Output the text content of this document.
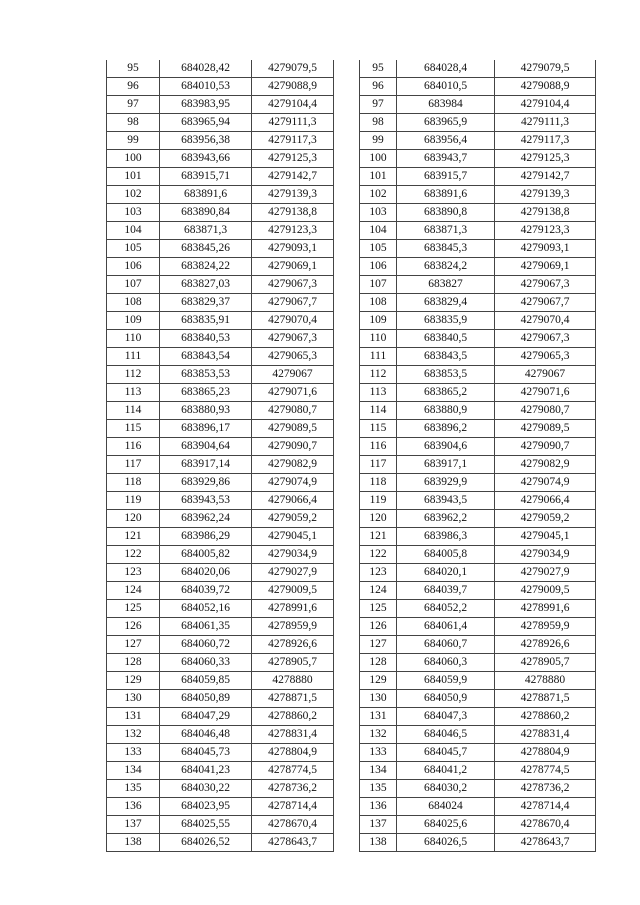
95	684028,42	4279079,5
96	684010,53	4279088,9
97	683983,95	4279104,4
98	683965,94	4279111,3
99	683956,38	4279117,3
100	683943,66	4279125,3
101	683915,71	4279142,7
102	683891,6	4279139,3
103	683890,84	4279138,8
104	683871,3	4279123,3
105	683845,26	4279093,1
106	683824,22	4279069,1
107	683827,03	4279067,3
108	683829,37	4279067,7
109	683835,91	4279070,4
110	683840,53	4279067,3
111	683843,54	4279065,3
112	683853,53	4279067
113	683865,23	4279071,6
114	683880,93	4279080,7
115	683896,17	4279089,5
116	683904,64	4279090,7
117	683917,14	4279082,9
118	683929,86	4279074,9
119	683943,53	4279066,4
120	683962,24	4279059,2
121	683986,29	4279045,1
122	684005,82	4279034,9
123	684020,06	4279027,9
124	684039,72	4279009,5
125	684052,16	4278991,6
126	684061,35	4278959,9
127	684060,72	4278926,6
128	684060,33	4278905,7
129	684059,85	4278880
130	684050,89	4278871,5
131	684047,29	4278860,2
132	684046,48	4278831,4
133	684045,73	4278804,9
134	684041,23	4278774,5
135	684030,22	4278736,2
136	684023,95	4278714,4
137	684025,55	4278670,4
138	684026,52	4278643,7
95	684028,4	4279079,5
96	684010,5	4279088,9
97	683984	4279104,4
98	683965,9	4279111,3
99	683956,4	4279117,3
100	683943,7	4279125,3
101	683915,7	4279142,7
102	683891,6	4279139,3
103	683890,8	4279138,8
104	683871,3	4279123,3
105	683845,3	4279093,1
106	683824,2	4279069,1
107	683827	4279067,3
108	683829,4	4279067,7
109	683835,9	4279070,4
110	683840,5	4279067,3
111	683843,5	4279065,3
112	683853,5	4279067
113	683865,2	4279071,6
114	683880,9	4279080,7
115	683896,2	4279089,5
116	683904,6	4279090,7
117	683917,1	4279082,9
118	683929,9	4279074,9
119	683943,5	4279066,4
120	683962,2	4279059,2
121	683986,3	4279045,1
122	684005,8	4279034,9
123	684020,1	4279027,9
124	684039,7	4279009,5
125	684052,2	4278991,6
126	684061,4	4278959,9
127	684060,7	4278926,6
128	684060,3	4278905,7
129	684059,9	4278880
130	684050,9	4278871,5
131	684047,3	4278860,2
132	684046,5	4278831,4
133	684045,7	4278804,9
134	684041,2	4278774,5
135	684030,2	4278736,2
136	684024	4278714,4
137	684025,6	4278670,4
138	684026,5	4278643,7
